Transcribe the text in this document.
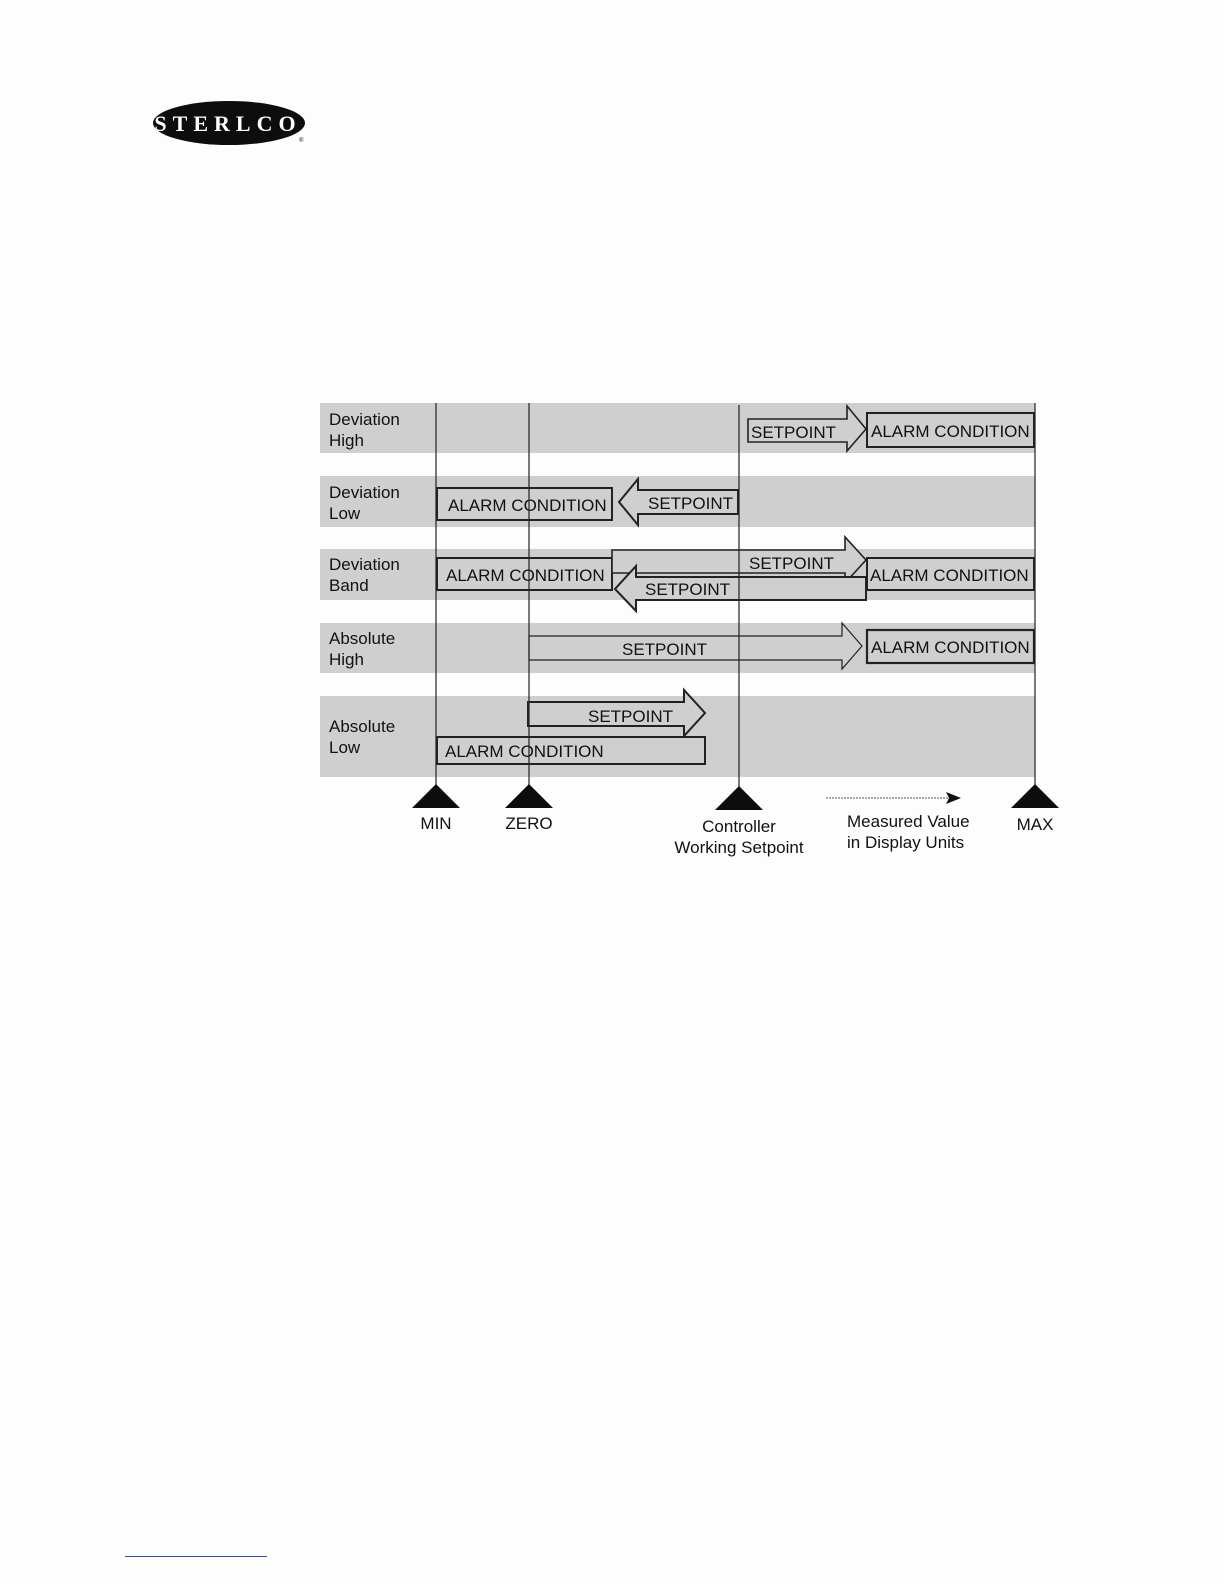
STERLCO
®
Deviation
High
Deviation
Low
Deviation
Band
Absolute
High
Absolute
Low
SETPOINT ALARM CONDITION
ALARM CONDITION SETPOINT
ALARM CONDITION
SETPOINT
SETPOINT
ALARM CONDITION
SETPOINT	ALARM CONDITION
SETPOINT
ALARM CONDITION
MIN	ZERO	Controller
Working Setpoint
Measured Value
in Display Units
MAX
